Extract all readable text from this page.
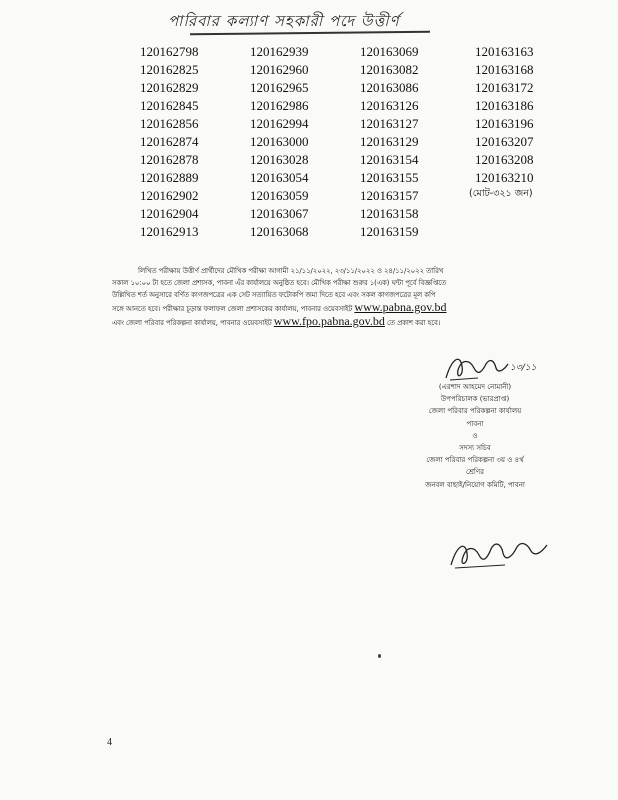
পারিবার কল্যাণ সহকারী পদে উত্তীর্ণ
120162798
120162825
120162829
120162845
120162856
120162874
120162878
120162889
120162902
120162904
120162913
120162939
120162960
120162965
120162986
120162994
120163000
120163028
120163054
120163059
120163067
120163068
120163069
120163082
120163086
120163126
120163127
120163129
120163154
120163155
120163157
120163158
120163159
120163163
120163168
120163172
120163186
120163196
120163207
120163208
120163210
(মোট-৩২১ জন)
লিখিত পরীক্ষায় উত্তীর্ণ প্রার্থীদের মৌখিক পরীক্ষা আগামী ২১/১১/২০২২, ২৩/১১/২০২২ ও ২৪/১১/২০২২ তারিখ
সকাল ১০:০০ টা হতে জেলা প্রশাসক, পাবনা এঁর কার্যালয়ে অনুষ্ঠিত হবে। মৌখিক পরীক্ষা শুরুর ১(এক) ঘন্টা পূর্বে বিজ্ঞপ্তিতে
উল্লিখিত শর্ত অনুসারে বর্ণিত কাগজপত্রের এক সেট সত্যায়িত ফটোকপি জমা দিতে হবে এবং সকল কাগজপত্রের মূল কপি
সঙ্গে আনতে হবে। পরীক্ষার চূড়ান্ত ফলাফল জেলা প্রশাসকের কার্যালয়, পাবনার ওয়েবসাইট www.pabna.gov.bd
এবং জেলা পরিবার পরিকল্পনা কার্যালয়, পাবনার ওয়েবসাইট www.fpo.pabna.gov.bd তে প্রকাশ করা হবে।
১৩/১১
(এরশাদ আহমেদ নোমানী)
উপপরিচালক (ভারপ্রাপ্ত)
জেলা পরিবার পরিকল্পনা কার্যালয়
পাবনা
ও
সদস্য সচিব
জেলা পরিবার পরিকল্পনা ৩য় ও ৪র্থ
শ্রেণির
জনবল বাছাই/নিয়োগ কমিটি, পাবনা
4
